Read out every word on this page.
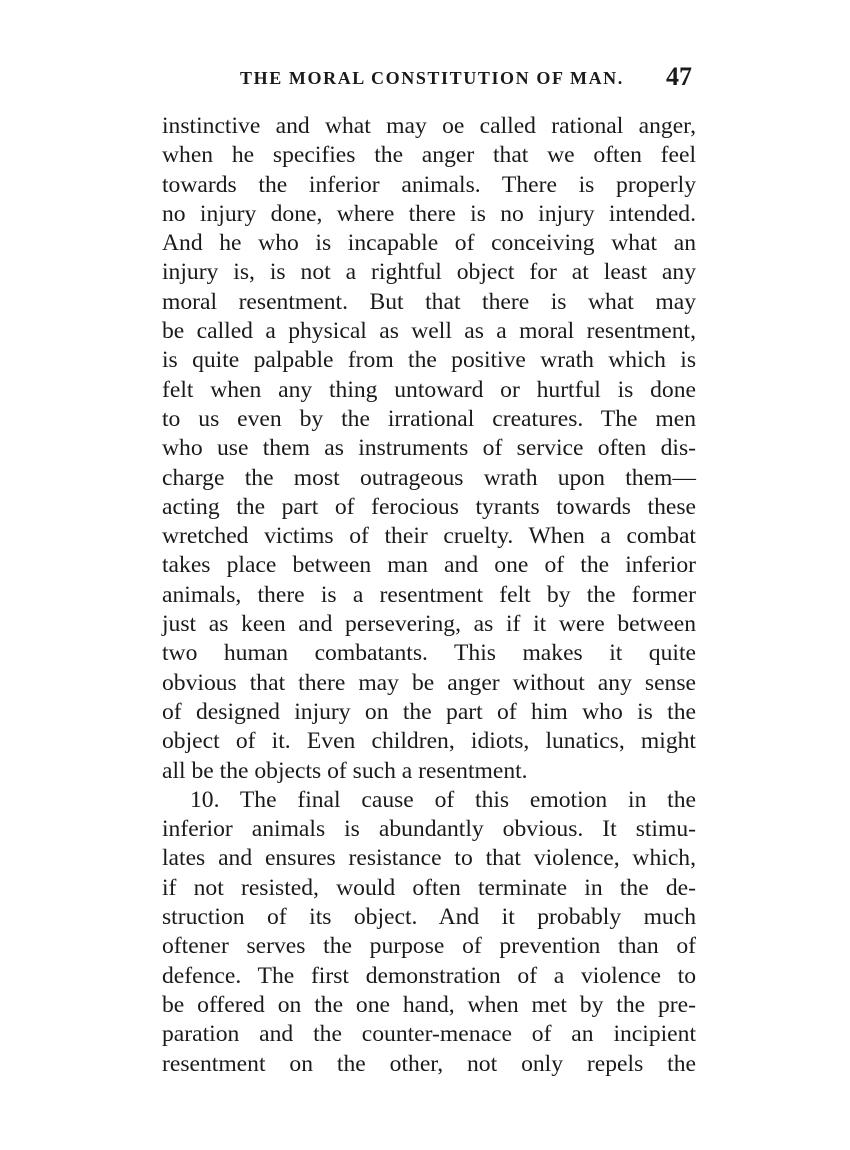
THE MORAL CONSTITUTION OF MAN. 47
instinctive and what may oe called rational anger,
when he specifies the anger that we often feel
towards the inferior animals. There is properly
no injury done, where there is no injury intended.
And he who is incapable of conceiving what an
injury is, is not a rightful object for at least any
moral resentment. But that there is what may
be called a physical as well as a moral resentment,
is quite palpable from the positive wrath which is
felt when any thing untoward or hurtful is done
to us even by the irrational creatures. The men
who use them as instruments of service often dis-
charge the most outrageous wrath upon them—
acting the part of ferocious tyrants towards these
wretched victims of their cruelty. When a combat
takes place between man and one of the inferior
animals, there is a resentment felt by the former
just as keen and persevering, as if it were between
two human combatants. This makes it quite
obvious that there may be anger without any sense
of designed injury on the part of him who is the
object of it. Even children, idiots, lunatics, might
all be the objects of such a resentment.
10. The final cause of this emotion in the
inferior animals is abundantly obvious. It stimu-
lates and ensures resistance to that violence, which,
if not resisted, would often terminate in the de-
struction of its object. And it probably much
oftener serves the purpose of prevention than of
defence. The first demonstration of a violence to
be offered on the one hand, when met by the pre-
paration and the counter-menace of an incipient
resentment on the other, not only repels the
